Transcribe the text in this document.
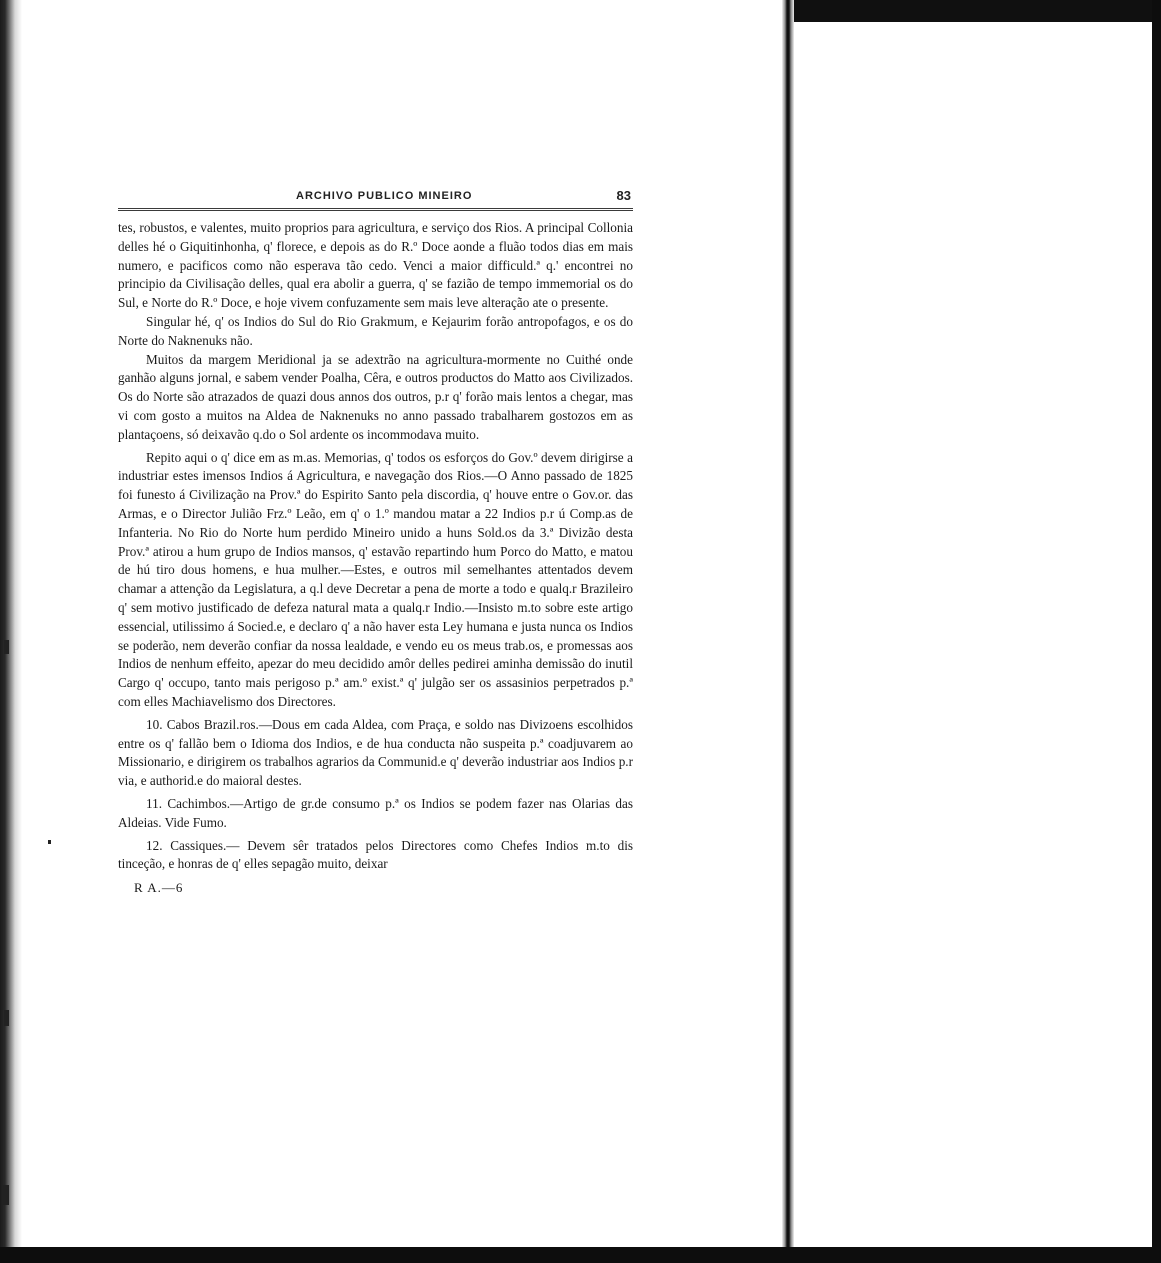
ARCHIVO PUBLICO MINEIRO	83

tes, robustos, e valentes, muito proprios para agricultura, e serviço dos Rios. A principal Collonia delles hé o Giquitinhonha, q' florece, e depois as do R.º Doce aonde a fluão todos dias em mais numero, e pacificos como não esperava tão cedo. Venci a maior difficuld.ª q.' encontrei no principio da Civilisação delles, qual era abolir a guerra, q' se fazião de tempo immemorial os do Sul, e Norte do R.º Doce, e hoje vivem confuzamente sem mais leve alteração ate o presente.

Singular hé, q' os Indios do Sul do Rio Grakmum, e Kejaurim forão antropofagos, e os do Norte do Naknenuks não.

Muitos da margem Meridional ja se adextrão na agricultura-mormente no Cuithé onde ganhão alguns jornal, e sabem vender Poalha, Cêra, e outros productos do Matto aos Civilizados. Os do Norte são atrazados de quazi dous annos dos outros, p.r q' forão mais lentos a chegar, mas vi com gosto a muitos na Aldea de Naknenuks no anno passado trabalharem gostozos em as plantaçoens, só deixavão q.do o Sol ardente os incommodava muito.

Repito aqui o q' dice em as m.as. Memorias, q' todos os esforços do Gov.º devem dirigirse a industriar estes imensos Indios á Agricultura, e navegação dos Rios.—O Anno passado de 1825 foi funesto á Civilização na Prov.ª do Espirito Santo pela discordia, q' houve entre o Gov.or. das Armas, e o Director Julião Frz.º Leão, em q' o 1.º mandou matar a 22 Indios p.r ú Comp.as de Infanteria. No Rio do Norte hum perdido Mineiro unido a huns Sold.os da 3.ª Divizão desta Prov.ª atirou a hum grupo de Indios mansos, q' estavão repartindo hum Porco do Matto, e matou de hú tiro dous homens, e hua mulher.—Estes, e outros mil semelhantes attentados devem chamar a attenção da Legislatura, a q.l deve Decretar a pena de morte a todo e qualq.r Brazileiro q' sem motivo justificado de defeza natural mata a qualq.r Indio.—Insisto m.to sobre este artigo essencial, utilissimo á Socied.e, e declaro q' a não haver esta Ley humana e justa nunca os Indios se poderão, nem deverão confiar da nossa lealdade, e vendo eu os meus trab.os, e promessas aos Indios de nenhum effeito, apezar do meu decidido amôr delles pedirei aminha demissão do inutil Cargo q' occupo, tanto mais perigoso p.ª am.º exist.ª q' julgão ser os assasinios perpetrados p.ª com elles Machiavelismo dos Directores.

10. Cabos Brazil.ros.—Dous em cada Aldea, com Praça, e soldo nas Divizoens escolhidos entre os q' fallão bem o Idioma dos Indios, e de hua conducta não suspeita p.ª coadjuvarem ao Missionario, e dirigirem os trabalhos agrarios da Communid.e q' deverão industriar aos Indios p.r via, e authorid.e do maioral destes.

11. Cachimbos.—Artigo de gr.de consumo p.ª os Indios se podem fazer nas Olarias das Aldeias. Vide Fumo.

12. Cassiques.— Devem sêr tratados pelos Directores como Chefes Indios m.to dis tinceção, e honras de q' elles sepagão muito, deixar

R A.—6
